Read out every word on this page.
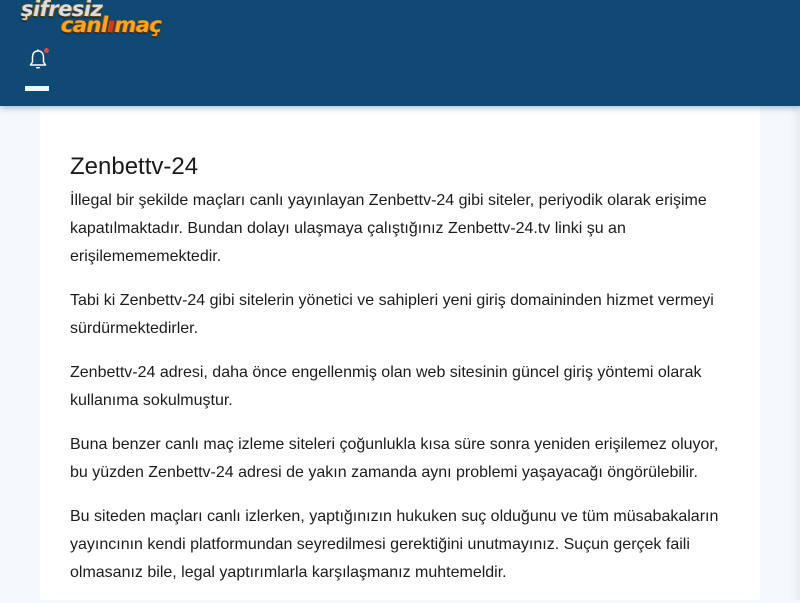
şifresiz
canlımaç
Zenbettv-24

İllegal bir şekilde maçları canlı yayınlayan Zenbettv-24 gibi siteler, periyodik olarak erişime kapatılmaktadır. Bundan dolayı ulaşmaya çalıştığınız Zenbettv-24.tv linki şu an erişilemememektedir.

Tabi ki Zenbettv-24 gibi sitelerin yönetici ve sahipleri yeni giriş domaininden hizmet vermeyi sürdürmektedirler.

Zenbettv-24 adresi, daha önce engellenmiş olan web sitesinin güncel giriş yöntemi olarak kullanıma sokulmuştur.

Buna benzer canlı maç izleme siteleri çoğunlukla kısa süre sonra yeniden erişilemez oluyor, bu yüzden Zenbettv-24 adresi de yakın zamanda aynı problemi yaşayacağı öngörülebilir.

Bu siteden maçları canlı izlerken, yaptığınızın hukuken suç olduğunu ve tüm müsabakaların yayıncının kendi platformundan seyredilmesi gerektiğini unutmayınız. Suçun gerçek faili olmasanız bile, legal yaptırımlarla karşılaşmanız muhtemeldir.
